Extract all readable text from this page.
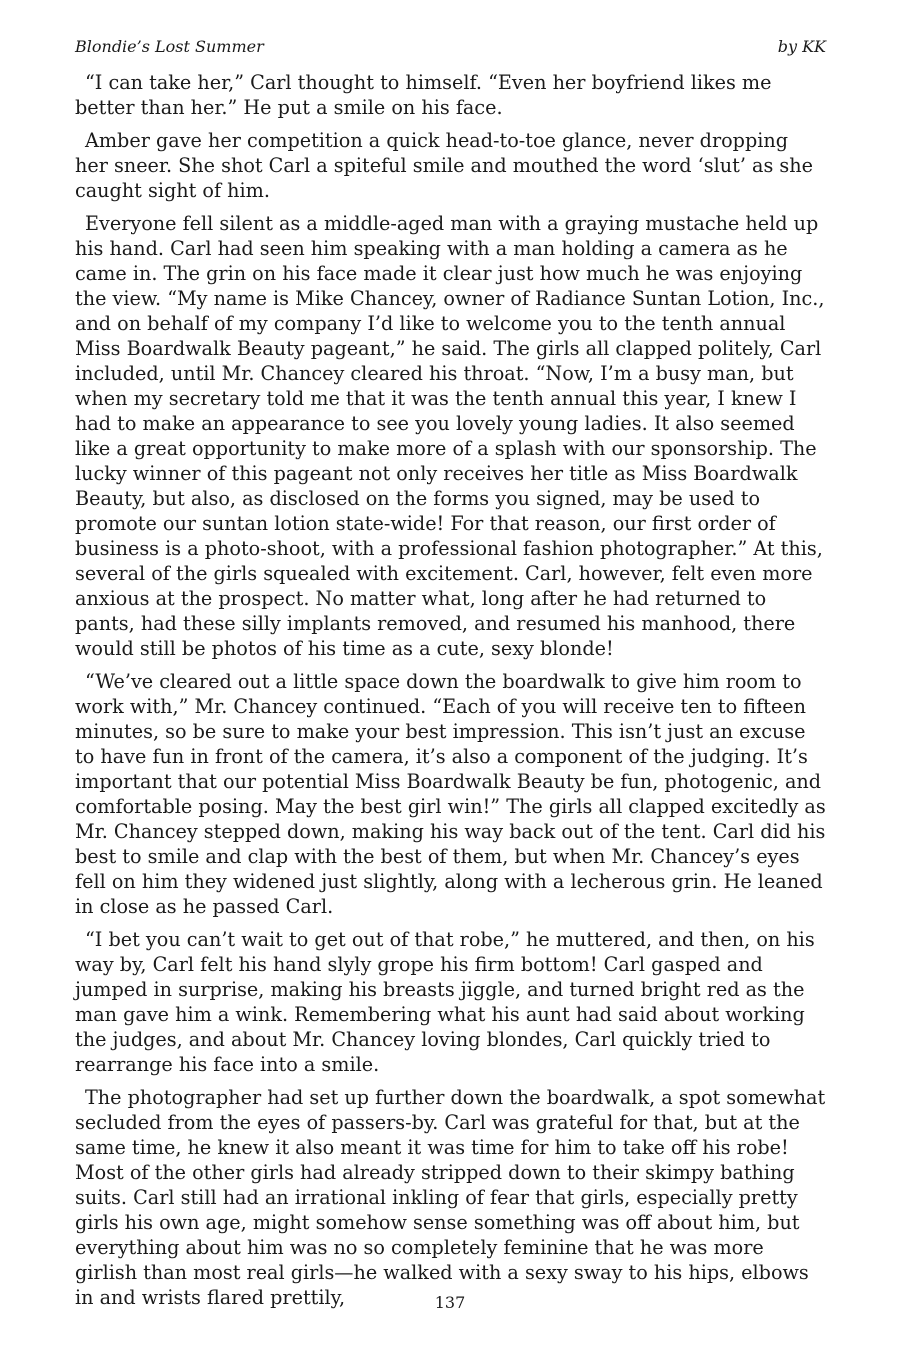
Blondie’s Lost Summer	by KK

“I can take her,” Carl thought to himself. “Even her boyfriend likes me better than her.” He put a smile on his face.

Amber gave her competition a quick head-to-toe glance, never dropping her sneer. She shot Carl a spiteful smile and mouthed the word ‘slut’ as she caught sight of him.

Everyone fell silent as a middle-aged man with a graying mustache held up his hand. Carl had seen him speaking with a man holding a camera as he came in. The grin on his face made it clear just how much he was enjoying the view. “My name is Mike Chancey, owner of Radiance Suntan Lotion, Inc., and on behalf of my company I’d like to welcome you to the tenth annual Miss Boardwalk Beauty pageant,” he said. The girls all clapped politely, Carl included, until Mr. Chancey cleared his throat. “Now, I’m a busy man, but when my secretary told me that it was the tenth annual this year, I knew I had to make an appearance to see you lovely young ladies. It also seemed like a great opportunity to make more of a splash with our sponsorship. The lucky winner of this pageant not only receives her title as Miss Boardwalk Beauty, but also, as disclosed on the forms you signed, may be used to promote our suntan lotion state-wide! For that reason, our first order of business is a photo-shoot, with a professional fashion photographer.” At this, several of the girls squealed with excitement. Carl, however, felt even more anxious at the prospect. No matter what, long after he had returned to pants, had these silly implants removed, and resumed his manhood, there would still be photos of his time as a cute, sexy blonde!

“We’ve cleared out a little space down the boardwalk to give him room to work with,” Mr. Chancey continued. “Each of you will receive ten to fifteen minutes, so be sure to make your best impression. This isn’t just an excuse to have fun in front of the camera, it’s also a component of the judging. It’s important that our potential Miss Boardwalk Beauty be fun, photogenic, and comfortable posing. May the best girl win!” The girls all clapped excitedly as Mr. Chancey stepped down, making his way back out of the tent. Carl did his best to smile and clap with the best of them, but when Mr. Chancey’s eyes fell on him they widened just slightly, along with a lecherous grin. He leaned in close as he passed Carl.

“I bet you can’t wait to get out of that robe,” he muttered, and then, on his way by, Carl felt his hand slyly grope his firm bottom! Carl gasped and jumped in surprise, making his breasts jiggle, and turned bright red as the man gave him a wink. Remembering what his aunt had said about working the judges, and about Mr. Chancey loving blondes, Carl quickly tried to rearrange his face into a smile.

The photographer had set up further down the boardwalk, a spot somewhat secluded from the eyes of passers-by. Carl was grateful for that, but at the same time, he knew it also meant it was time for him to take off his robe! Most of the other girls had already stripped down to their skimpy bathing suits. Carl still had an irrational inkling of fear that girls, especially pretty girls his own age, might somehow sense something was off about him, but everything about him was no so completely feminine that he was more girlish than most real girls—he walked with a sexy sway to his hips, elbows in and wrists flared prettily,	137
